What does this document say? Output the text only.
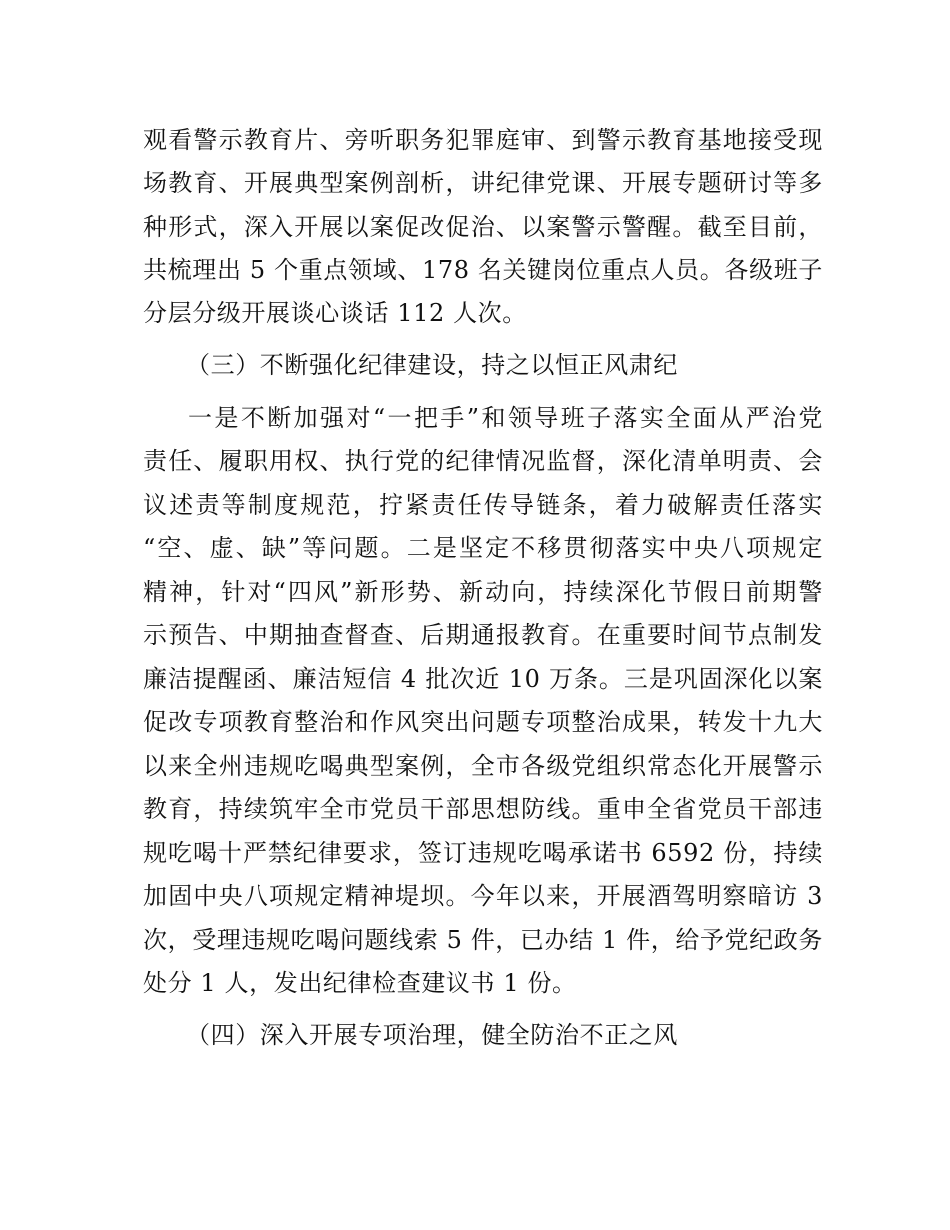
观看警示教育片、旁听职务犯罪庭审、到警示教育基地接受现

场教育、开展典型案例剖析，讲纪律党课、开展专题研讨等多

种形式，深入开展以案促改促治、以案警示警醒。截至目前，

共梳理出 5 个重点领域、178 名关键岗位重点人员。各级班子

分层分级开展谈心谈话 112 人次。

（三）不断强化纪律建设，持之以恒正风肃纪

一是不断加强对“一把手”和领导班子落实全面从严治党

责任、履职用权、执行党的纪律情况监督，深化清单明责、会

议述责等制度规范，拧紧责任传导链条，着力破解责任落实

“空、虚、缺”等问题。二是坚定不移贯彻落实中央八项规定

精神，针对“四风”新形势、新动向，持续深化节假日前期警

示预告、中期抽查督查、后期通报教育。在重要时间节点制发

廉洁提醒函、廉洁短信 4 批次近 10 万条。三是巩固深化以案

促改专项教育整治和作风突出问题专项整治成果，转发十九大

以来全州违规吃喝典型案例，全市各级党组织常态化开展警示

教育，持续筑牢全市党员干部思想防线。重申全省党员干部违

规吃喝十严禁纪律要求，签订违规吃喝承诺书 6592 份，持续

加固中央八项规定精神堤坝。今年以来，开展酒驾明察暗访 3

次，受理违规吃喝问题线索 5 件，已办结 1 件，给予党纪政务

处分 1 人，发出纪律检查建议书 1 份。

（四）深入开展专项治理，健全防治不正之风
